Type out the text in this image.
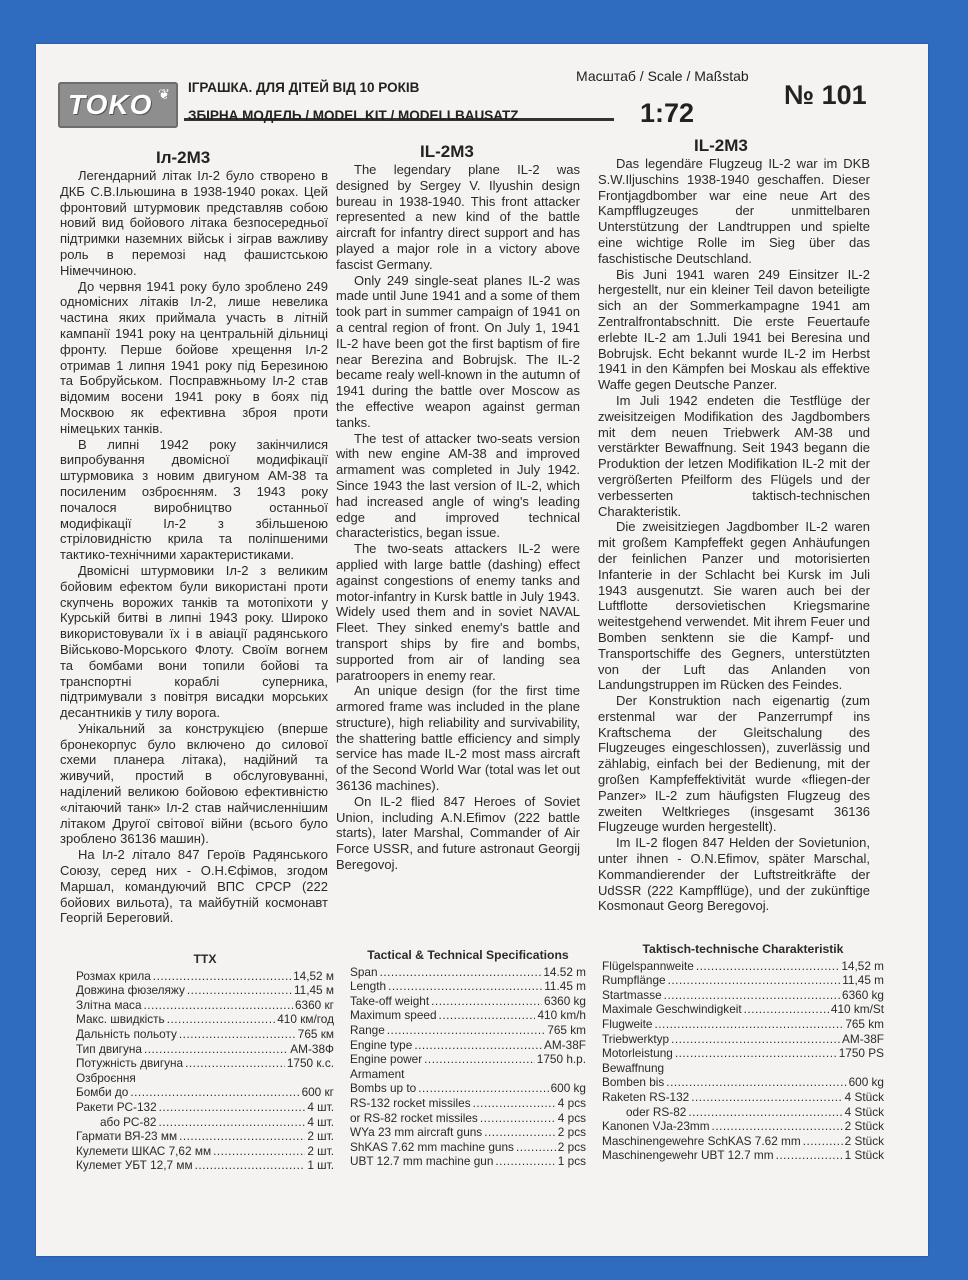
TOKO ❦ ІГРАШКА. ДЛЯ ДІТЕЙ ВІД 10 РОКІВ
ЗБІРНА МОДЕЛЬ / MODEL KIT / MODELLBAUSATZ
Масштаб / Scale / Maßstab
1:72
№ 101
Іл-2М3

Легендарний літак Іл-2 було створено в ДКБ С.В.Ільюшина в 1938-1940 роках. Цей фронтовий штурмовик представляв собою новий вид бойового літака безпосередньої підтримки наземних військ і зіграв важливу роль в перемозі над фашистською Німеччиною.

До червня 1941 року було зроблено 249 одномісних літаків Іл-2, лише невелика частина яких приймала участь в літній кампанії 1941 року на центральній дільниці фронту. Перше бойове хрещення Іл-2 отримав 1 липня 1941 року під Березиною та Бобруйськом. Посправжньому Іл-2 став відомим восени 1941 року в боях під Москвою як ефективна зброя проти німецьких танків.

В липні 1942 року закінчилися випробування двомісної модифікації штурмовика з новим двигуном АМ-38 та посиленим озброєнням. З 1943 року почалося виробництво останньої модифікації Іл-2 з збільшеною стріловидністю крила та поліпшеними тактико-технічними характеристиками.

Двомісні штурмовики Іл-2 з великим бойовим ефектом були використані проти скупчень ворожих танків та мотопіхоти у Курській битві в липні 1943 року. Широко використовували їх і в авіації радянського Військово-Морського Флоту. Своїм вогнем та бомбами вони топили бойові та транспортні кораблі суперника, підтримували з повітря висадки морських десантників у тилу ворога.

Унікальний за конструкцією (вперше бронекорпус було включено до силової схеми планера літака), надійний та живучий, простий в обслуговуванні, наділений великою бойовою ефективністю «літаючий танк» Іл-2 став найчисленнішим літаком Другої світової війни (всього було зроблено 36136 машин).

На Іл-2 літало 847 Героїв Радянського Союзу, серед них - О.Н.Єфімов, згодом Маршал, командуючий ВПС СРСР (222 бойових вильота), та майбутній космонавт Георгій Береговий.

IL-2M3

The legendary plane IL-2 was designed by Sergey V. Ilyushin design bureau in 1938-1940. This front attacker represented a new kind of the battle aircraft for infantry direct support and has played a major role in a victory above fascist Germany.

Only 249 single-seat planes IL-2 was made until June 1941 and a some of them took part in summer campaign of 1941 on a central region of front. On July 1, 1941 IL-2 have been got the first baptism of fire near Berezina and Bobrujsk. The IL-2 became realy well-known in the autumn of 1941 during the battle over Moscow as the effective weapon against german tanks.

The test of attacker two-seats version with new engine AM-38 and improved armament was completed in July 1942. Since 1943 the last version of IL-2, which had increased angle of wing's leading edge and improved technical characteristics, began issue.

The two-seats attackers IL-2 were applied with large battle (dashing) effect against congestions of enemy tanks and motor-infantry in Kursk battle in July 1943. Widely used them and in soviet NAVAL Fleet. They sinked enemy's battle and transport ships by fire and bombs, supported from air of landing sea paratroopers in enemy rear.

An unique design (for the first time armored frame was included in the plane structure), high reliability and survivability, the shattering battle efficiency and simply service has made IL-2 most mass aircraft of the Second World War (total was let out 36136 machines).

On IL-2 flied 847 Heroes of Soviet Union, including A.N.Efimov (222 battle starts), later Marshal, Commander of Air Force USSR, and future astronaut Georgij Beregovoj.

IL-2M3

Das legendäre Flugzeug IL-2 war im DKB S.W.Iljuschins 1938-1940 geschaffen. Dieser Frontjagdbomber war eine neue Art des Kampfflugzeuges der unmittelbaren Unterstützung der Landtruppen und spielte eine wichtige Rolle im Sieg über das faschistische Deutschland.

Bis Juni 1941 waren 249 Einsitzer IL-2 hergestellt, nur ein kleiner Teil davon beteiligte sich an der Sommerkampagne 1941 am Zentralfrontabschnitt. Die erste Feuertaufe erlebte IL-2 am 1.Juli 1941 bei Beresina und Bobrujsk. Echt bekannt wurde IL-2 im Herbst 1941 in den Kämpfen bei Moskau als effektive Waffe gegen Deutsche Panzer.

Im Juli 1942 endeten die Testflüge der zweisitzeigen Modifikation des Jagdbombers mit dem neuen Triebwerk AM-38 und verstärkter Bewaffnung. Seit 1943 begann die Produktion der letzen Modifikation IL-2 mit der vergrößerten Pfeilform des Flügels und der verbesserten taktisch-technischen Charakteristik.

Die zweisitziegen Jagdbomber IL-2 waren mit großem Kampfeffekt gegen Anhäufungen der feinlichen Panzer und motorisierten Infanterie in der Schlacht bei Kursk im Juli 1943 ausgenutzt. Sie waren auch bei der Luftflotte dersovietischen Kriegsmarine weitestgehend verwendet. Mit ihrem Feuer und Bomben senktenn sie die Kampf- und Transportschiffe des Gegners, unterstützten von der Luft das Anlanden von Landungstruppen im Rücken des Feindes.

Der Konstruktion nach eigenartig (zum erstenmal war der Panzerrumpf ins Kraftschema der Gleitschalung des Flugzeuges eingeschlossen), zuverlässig und zählabig, einfach bei der Bedienung, mit der großen Kampfeffektivität wurde «fliegen-der Panzer» IL-2 zum häufigsten Flugzeug des zweiten Weltkrieges (insgesamt 36136 Flugzeuge wurden hergestellt).

Im IL-2 flogen 847 Helden der Sovietunion, unter ihnen - O.N.Efimov, später Marschal, Kommandierender der Luftstreitkräfte der UdSSR (222 Kampfflüge), und der zukünftige Kosmonaut Georg Beregovoj.

ТТХ
Розмах крила .....	14,52 м
Довжина фюзеляжу .....	11,45 м
Злітна маса .....	6360 кг
Макс. швидкість .....	410 км/год
Дальність польоту .....	765 км
Тип двигуна .....	АМ-38Ф
Потужність двигуна .....	1750 к.с.
Озброєння
Бомби до .....	600 кг
Ракети РС-132 .....	4 шт.
або РС-82 .....	4 шт.
Гармати ВЯ-23 мм .....	2 шт.
Кулемети ШКАС 7,62 мм .....	2 шт.
Кулемет УБТ 12,7 мм .....	1 шт.
Tactical & Technical Specifications
Span .....	14.52 m
Length .....	11.45 m
Take-off weight .....	6360 kg
Maximum speed .....	410 km/h
Range .....	765 km
Engine type .....	AM-38F
Engine power .....	1750 h.p.
Armament
Bombs up to .....	600 kg
RS-132 rocket missiles .....	4 pcs
or RS-82 rocket missiles .....	4 pcs
WYa 23 mm aircraft guns .....	2 pcs
ShKAS 7.62 mm machine guns .....	2 pcs
UBT 12.7 mm machine gun .....	1 pcs
Taktisch-technische Charakteristik
Flügelspannweite .....	14,52 m
Rumpflänge .....	11,45 m
Startmasse .....	6360 kg
Maximale Geschwindigkeit .....	410 km/St
Flugweite .....	765 km
Triebwerktyp .....	AM-38F
Motorleistung .....	1750 PS
Bewaffnung
Bomben bis .....	600 kg
Raketen RS-132 .....	4 Stück
oder RS-82 .....	4 Stück
Kanonen VJa-23mm .....	2 Stück
Maschinengewehre SchKAS 7.62 mm .....	2 Stück
Maschinengewehr UBT 12.7 mm .....	1 Stück
